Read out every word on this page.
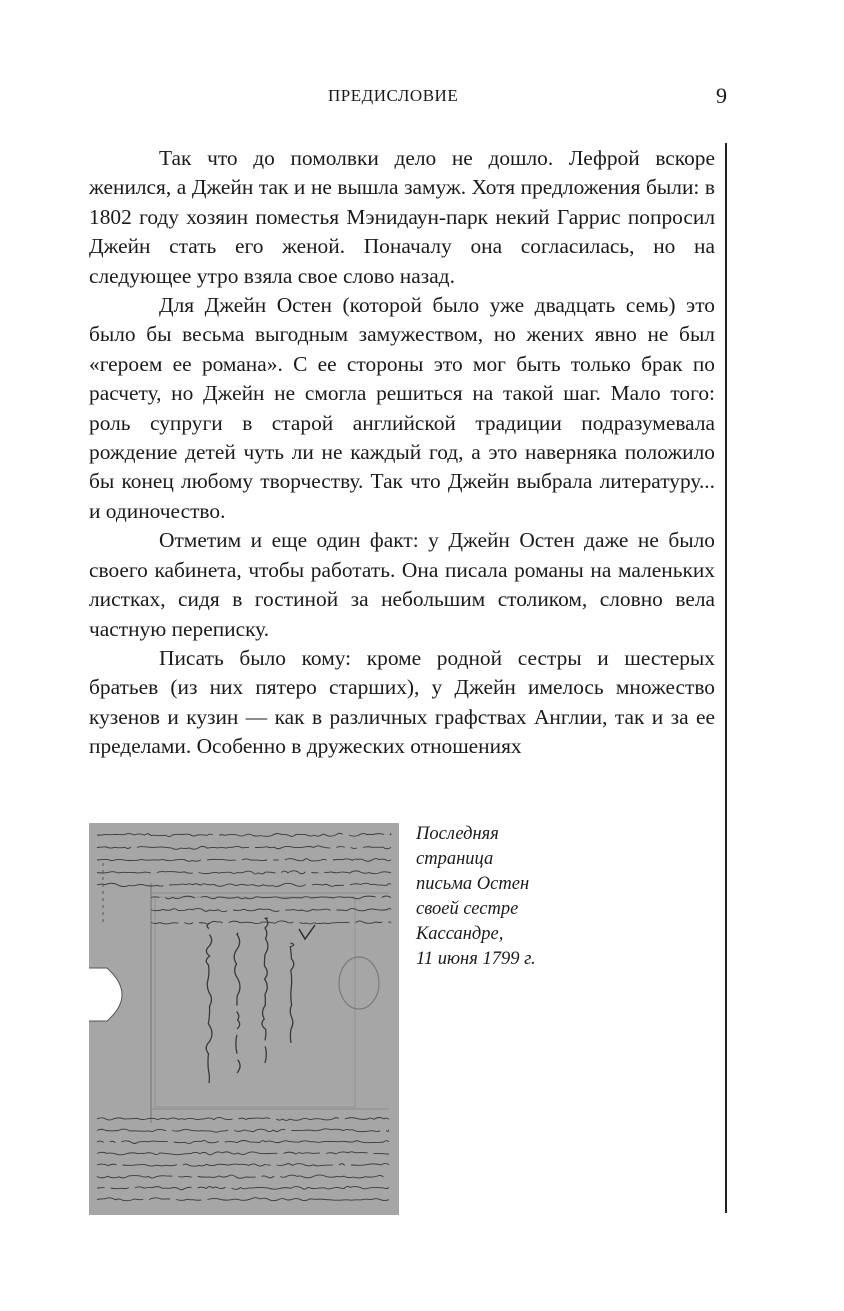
ПРЕДИСЛОВИЕ	9

Так что до помолвки дело не дошло. Лефрой вскоре женился, а Джейн так и не вышла замуж. Хотя предложения были: в 1802 году хозяин поместья Мэнидаун-парк некий Гаррис попросил Джейн стать его женой. Поначалу она согласилась, но на следующее утро взяла свое слово назад.

Для Джейн Остен (которой было уже двадцать семь) это было бы весьма выгодным замужеством, но жених явно не был «героем ее романа». С ее стороны это мог быть только брак по расчету, но Джейн не смогла решиться на такой шаг. Мало того: роль супруги в старой английской традиции подразумевала рождение детей чуть ли не каждый год, а это наверняка положило бы конец любому творчеству. Так что Джейн выбрала литературу... и одиночество.

Отметим и еще один факт: у Джейн Остен даже не было своего кабинета, чтобы работать. Она писала романы на маленьких листках, сидя в гостиной за небольшим столиком, словно вела частную переписку.

Писать было кому: кроме родной сестры и шестерых братьев (из них пятеро старших), у Джейн имелось множество кузенов и кузин — как в различных графствах Англии, так и за ее пределами. Особенно в дружеских отношениях

Последняя
страница
письма Остен
своей сестре
Кассандре,
11 июня 1799 г.
